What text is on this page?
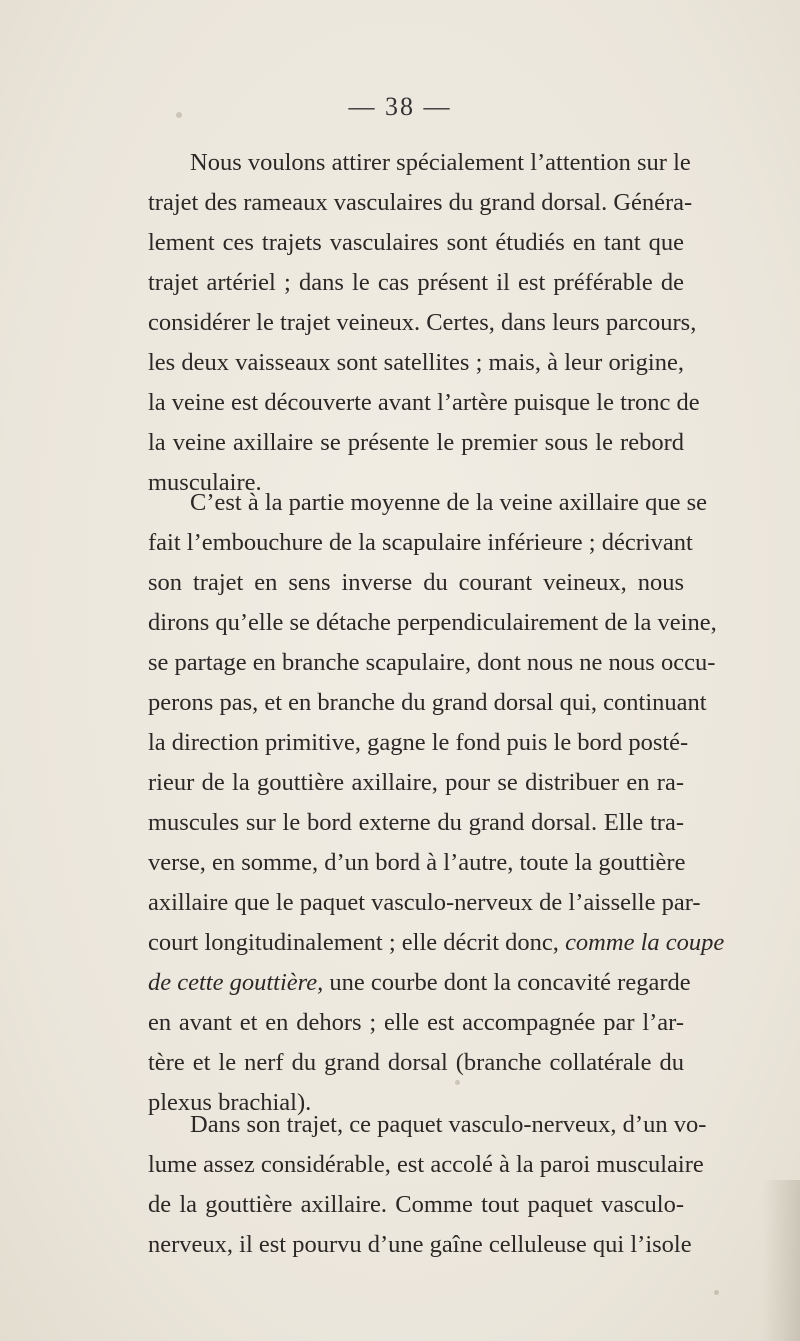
— 38 —
Nous voulons attirer spécialement l’attention sur le
trajet des rameaux vasculaires du grand dorsal. Généra-
lement ces trajets vasculaires sont étudiés en tant que
trajet artériel ; dans le cas présent il est préférable de
considérer le trajet veineux. Certes, dans leurs parcours,
les deux vaisseaux sont satellites ; mais, à leur origine,
la veine est découverte avant l’artère puisque le tronc de
la veine axillaire se présente le premier sous le rebord
musculaire.
C’est à la partie moyenne de la veine axillaire que se
fait l’embouchure de la scapulaire inférieure ; décrivant
son trajet en sens inverse du courant veineux, nous
dirons qu’elle se détache perpendiculairement de la veine,
se partage en branche scapulaire, dont nous ne nous occu-
perons pas, et en branche du grand dorsal qui, continuant
la direction primitive, gagne le fond puis le bord posté-
rieur de la gouttière axillaire, pour se distribuer en ra-
muscules sur le bord externe du grand dorsal. Elle tra-
verse, en somme, d’un bord à l’autre, toute la gouttière
axillaire que le paquet vasculo-nerveux de l’aisselle par-
court longitudinalement ; elle décrit donc, comme la coupe
de cette gouttière, une courbe dont la concavité regarde
en avant et en dehors ; elle est accompagnée par l’ar-
tère et le nerf du grand dorsal (branche collatérale du
plexus brachial).
Dans son trajet, ce paquet vasculo-nerveux, d’un vo-
lume assez considérable, est accolé à la paroi musculaire
de la gouttière axillaire. Comme tout paquet vasculo-
nerveux, il est pourvu d’une gaîne celluleuse qui l’isole
